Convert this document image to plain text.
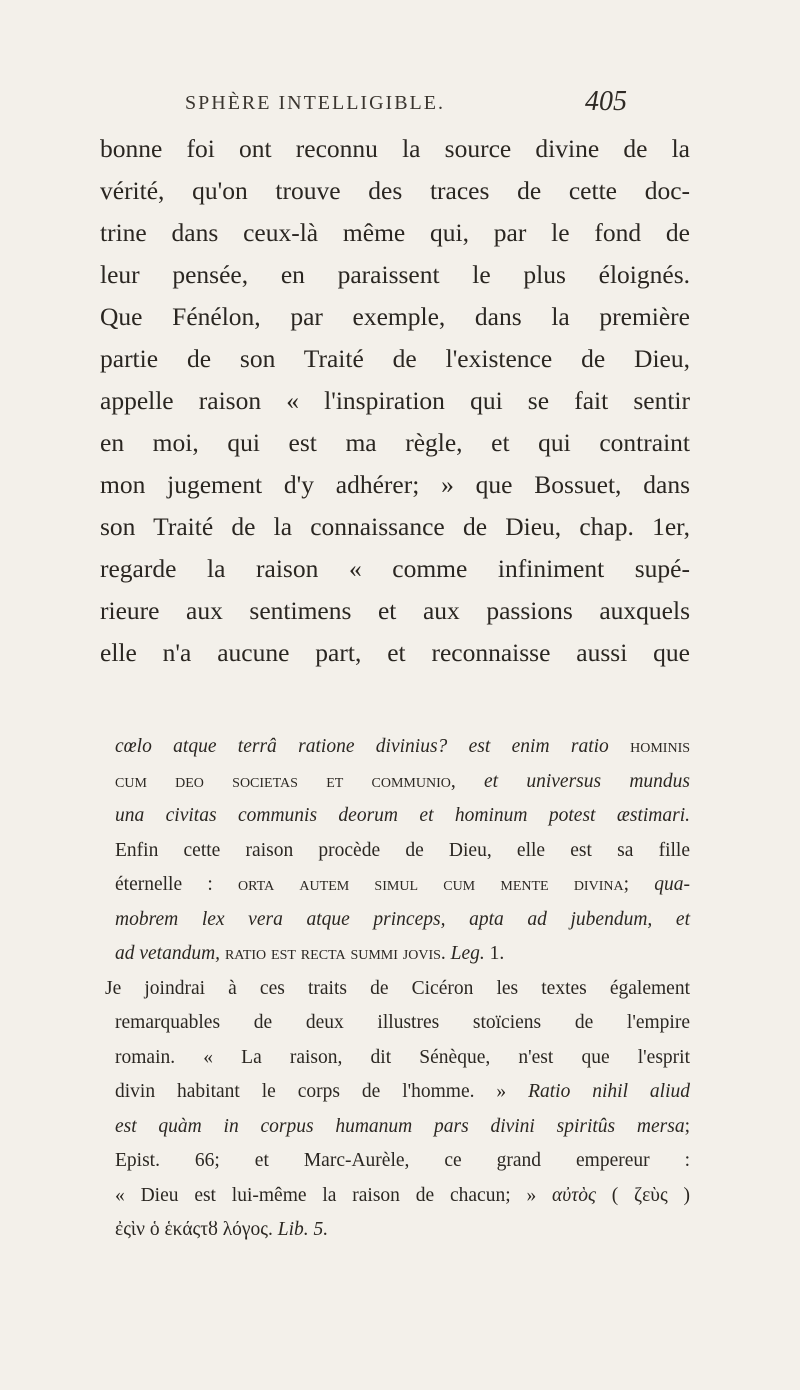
SPHÈRE INTELLIGIBLE.	405
bonne foi ont reconnu la source divine de la
vérité, qu'on trouve des traces de cette doc-
trine dans ceux-là même qui, par le fond de
leur pensée, en paraissent le plus éloignés.
Que Fénélon, par exemple, dans la première
partie de son Traité de l'existence de Dieu,
appelle raison « l'inspiration qui se fait sentir
en moi, qui est ma règle, et qui contraint
mon jugement d'y adhérer; » que Bossuet, dans
son Traité de la connaissance de Dieu, chap. 1er,
regarde la raison « comme infiniment supé-
rieure aux sentimens et aux passions auxquels
elle n'a aucune part, et reconnaisse aussi que
cœlo atque terrâ ratione divinius? est enim ratio hominis
cum deo societas et communio, et universus mundus
una civitas communis deorum et hominum potest æstimari.
Enfin cette raison procède de Dieu, elle est sa fille
éternelle : orta autem simul cum mente divina; qua-
mobrem lex vera atque princeps, apta ad jubendum, et
ad vetandum, ratio est recta summi jovis. Leg. 1.
Je joindrai à ces traits de Cicéron les textes également
remarquables de deux illustres stoïciens de l'empire
romain. « La raison, dit Sénèque, n'est que l'esprit
divin habitant le corps de l'homme. » Ratio nihil aliud
est quàm in corpus humanum pars divini spiritûs mersa;
Epist. 66; et Marc-Aurèle, ce grand empereur :
« Dieu est lui-même la raison de chacun; » αὐτὸς ( ζεὺς )
ἐςὶν ὁ ἑκάςτȣ λόγος. Lib. 5.
